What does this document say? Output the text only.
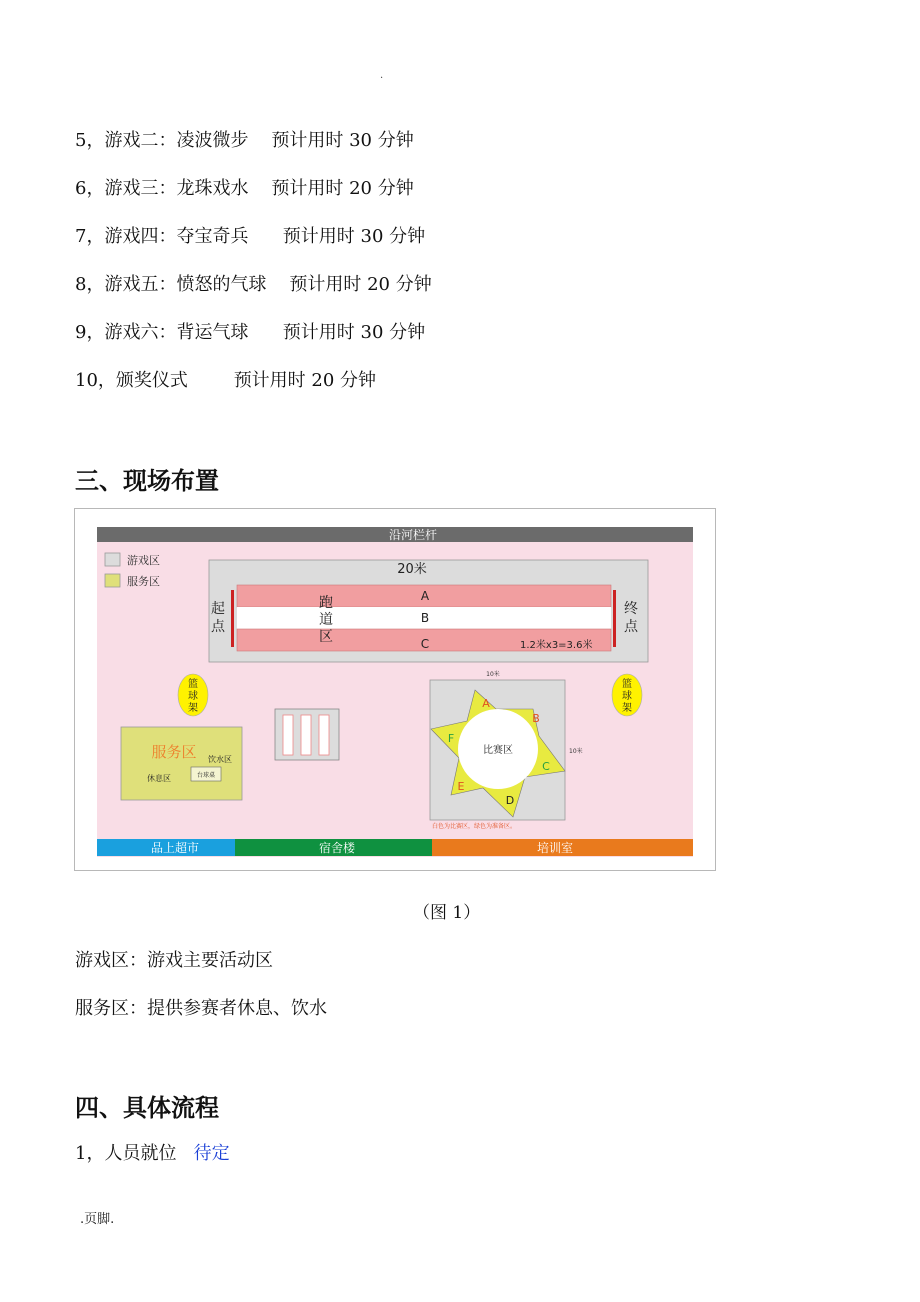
.
5，游戏二：凌波微步 预计用时 30 分钟
6，游戏三：龙珠戏水 预计用时 20 分钟
7，游戏四：夺宝奇兵 预计用时 30 分钟
8，游戏五：愤怒的气球 预计用时 20 分钟
9，游戏六：背运气球 预计用时 30 分钟
10，颁奖仪式	预计用时 20 分钟
三、现场布置
沿河栏杆
游戏区
服务区
20米
A
B
C
跑
道
区
1.2米x3=3.6米
起
点
终
点
篮
球
架
篮
球
架
服务区 饮水区
休息区	台球桌
10米
10米
比赛区
A
B
C
D
E
F
白色为比赛区，绿色为准备区。
品上超市	宿舍楼	培训室
（图 1）
游戏区：游戏主要活动区
服务区：提供参赛者休息、饮水
四、具体流程
1，人员就位 待定
.页脚.
